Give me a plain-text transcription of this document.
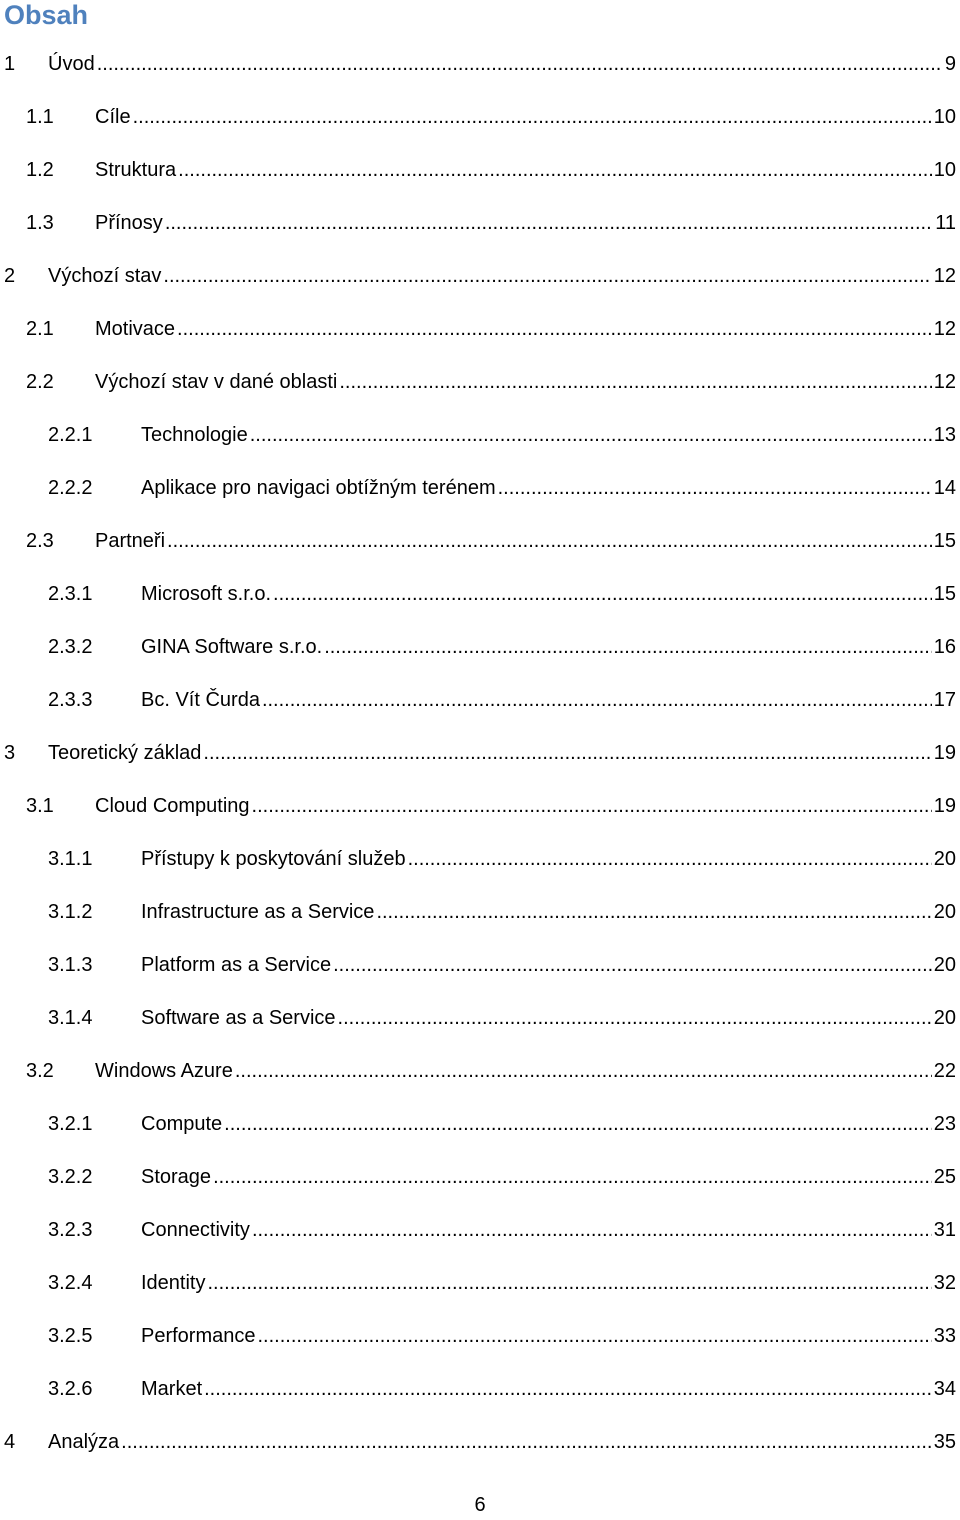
Obsah
1 Úvod .....	9
1.1 Cíle .....	10
1.2 Struktura .....	10
1.3 Přínosy .....	11
2 Výchozí stav .....	12
2.1 Motivace .....	12
2.2 Výchozí stav v dané oblasti .....	12
2.2.1 Technologie .....	13
2.2.2 Aplikace pro navigaci obtížným terénem .....	14
2.3 Partneři .....	15
2.3.1 Microsoft s.r.o. .....	15
2.3.2 GINA Software s.r.o. .....	16
2.3.3 Bc. Vít Čurda .....	17
3 Teoretický základ .....	19
3.1 Cloud Computing .....	19
3.1.1 Přístupy k poskytování služeb .....	20
3.1.2 Infrastructure as a Service .....	20
3.1.3 Platform as a Service .....	20
3.1.4 Software as a Service .....	20
3.2 Windows Azure .....	22
3.2.1 Compute .....	23
3.2.2 Storage .....	25
3.2.3 Connectivity .....	31
3.2.4 Identity .....	32
3.2.5 Performance .....	33
3.2.6 Market .....	34
4 Analýza .....	35
6
